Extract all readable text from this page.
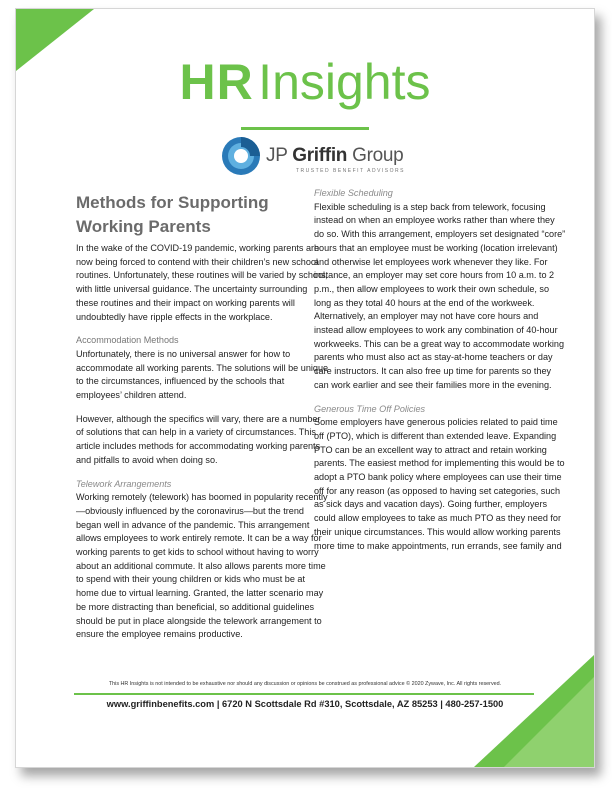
HR Insights
JP Griffin Group
TRUSTED BENEFIT ADVISORS
Methods for Supporting
Working Parents

In the wake of the COVID-19 pandemic, working parents are now being forced to contend with their children’s new school routines. Unfortunately, these routines will be varied by school, with little universal guidance. The uncertainty surrounding these routines and their impact on working parents will undoubtedly have ripple effects in the workplace.

Accommodation Methods

Unfortunately, there is no universal answer for how to accommodate all working parents. The solutions will be unique to the circumstances, influenced by the schools that employees’ children attend.

However, although the specifics will vary, there are a number of solutions that can help in a variety of circumstances. This article includes methods for accommodating working parents and pitfalls to avoid when doing so.

Telework Arrangements

Working remotely (telework) has boomed in popularity recently—obviously influenced by the coronavirus—but the trend began well in advance of the pandemic. This arrangement allows employees to work entirely remote. It can be a way for working parents to get kids to school without having to worry about an additional commute. It also allows parents more time to spend with their young children or kids who must be at home due to virtual learning. Granted, the latter scenario may be more distracting than beneficial, so additional guidelines should be put in place alongside the telework arrangement to ensure the employee remains productive.

Flexible Scheduling

Flexible scheduling is a step back from telework, focusing instead on when an employee works rather than where they do so. With this arrangement, employers set designated “core” hours that an employee must be working (location irrelevant) and otherwise let employees work whenever they like. For instance, an employer may set core hours from 10 a.m. to 2 p.m., then allow employees to work their own schedule, so long as they total 40 hours at the end of the workweek. Alternatively, an employer may not have core hours and instead allow employees to work any combination of 40-hour workweeks. This can be a great way to accommodate working parents who must also act as stay-at-home teachers or day care instructors. It can also free up time for parents so they can work earlier and see their families more in the evening.

Generous Time Off Policies

Some employers have generous policies related to paid time off (PTO), which is different than extended leave. Expanding PTO can be an excellent way to attract and retain working parents. The easiest method for implementing this would be to adopt a PTO bank policy where employees can use their time off for any reason (as opposed to having set categories, such as sick days and vacation days). Going further, employers could allow employees to take as much PTO as they need for their unique circumstances. This would allow working parents more time to make appointments, run errands, see family and

This HR Insights is not intended to be exhaustive nor should any discussion or opinions be construed as professional advice © 2020 Zywave, Inc. All rights reserved.
www.griffinbenefits.com | 6720 N Scottsdale Rd #310, Scottsdale, AZ 85253 | 480-257-1500
